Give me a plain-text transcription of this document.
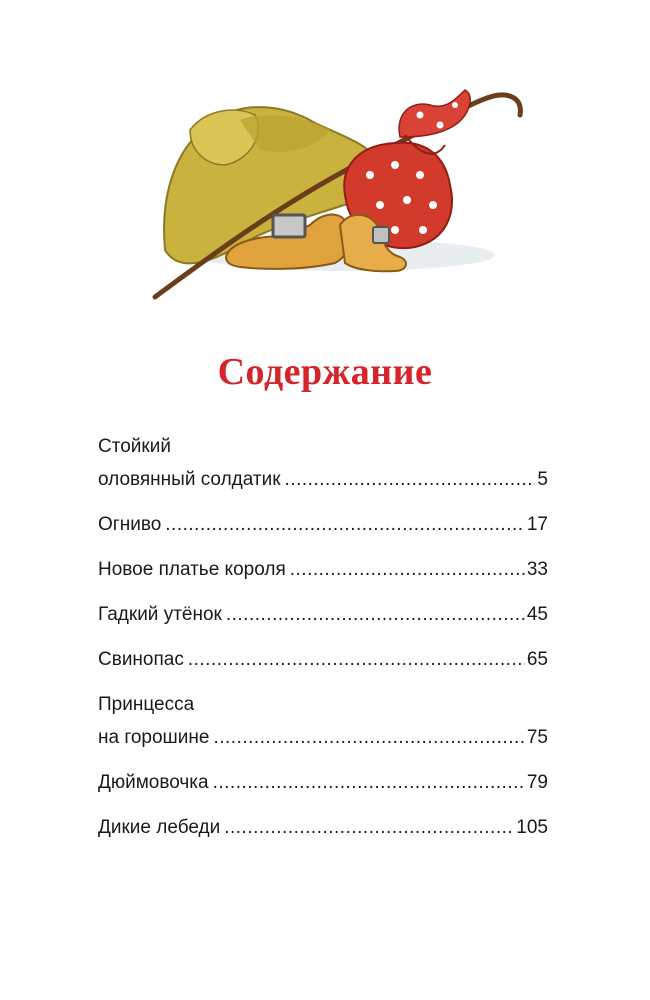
Содержание
Стойкий
оловянный солдатик .....	5
Огниво .....	17
Новое платье короля .....	33
Гадкий утёнок .....	45
Свинопас .....	65
Принцесса
на горошине .....	75
Дюймовочка .....	79
Дикие лебеди .....	105
